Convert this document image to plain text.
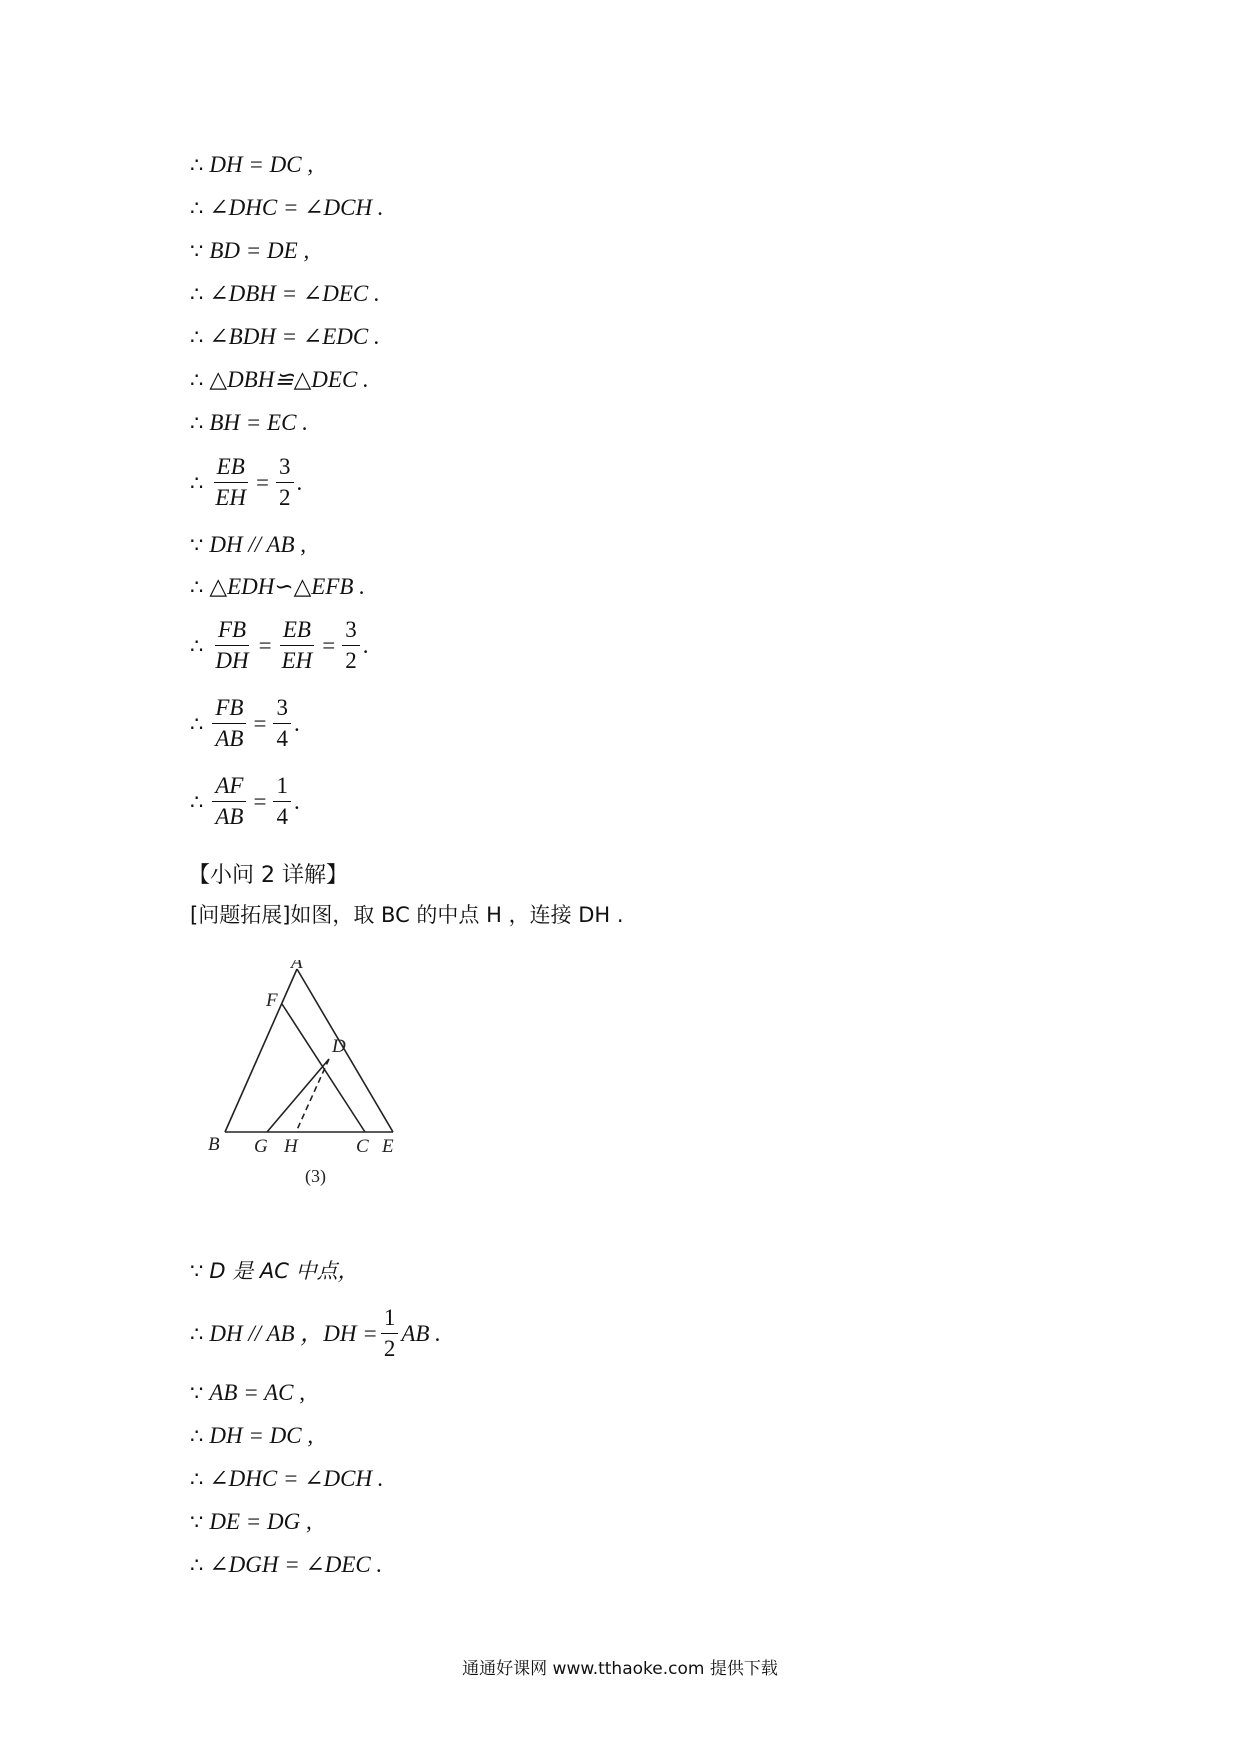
∴ DH = DC ,
∴ ∠DHC = ∠DCH .
∵ BD = DE ,
∴ ∠DBH = ∠DEC .
∴ ∠BDH = ∠EDC .
∴ △DBH≌△DEC .
∴ BH = EC .
∴ $\frac{EB}{EH} = \frac{3}{2}$ .
∵ DH // AB ,
∴ △EDH∽△EFB .
∴ $\frac{FB}{DH} = \frac{EB}{EH} = \frac{3}{2}$ .
∴ $\frac{FB}{AB} = \frac{3}{4}$ .
∴ $\frac{AF}{AB} = \frac{1}{4}$ .
【小问 2 详解】
[问题拓展]如图，取 BC 的中点 H ，连接 DH .
A
F
D
B G H	C E
(3)
∵ D 是 AC 中点，
∴ DH // AB ，DH = $\frac{1}{2}$ AB .
∵ AB = AC ,
∴ DH = DC ,
∴ ∠DHC = ∠DCH .
∵ DE = DG ,
∴ ∠DGH = ∠DEC .
通通好课网 www.tthaoke.com 提供下载
